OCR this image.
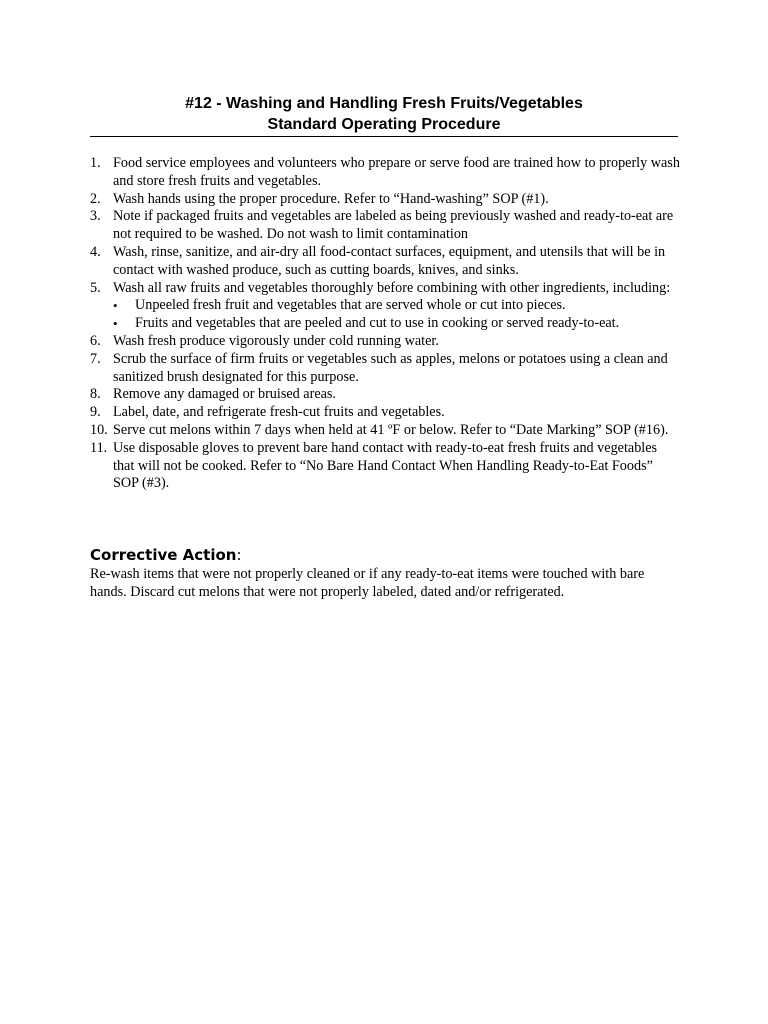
#12 - Washing and Handling Fresh Fruits/Vegetables
Standard Operating Procedure
1. Food service employees and volunteers who prepare or serve food are trained how to properly wash and store fresh fruits and vegetables.
2. Wash hands using the proper procedure. Refer to “Hand-washing” SOP (#1).
3. Note if packaged fruits and vegetables are labeled as being previously washed and ready-to-eat are not required to be washed. Do not wash to limit contamination
4. Wash, rinse, sanitize, and air-dry all food-contact surfaces, equipment, and utensils that will be in contact with washed produce, such as cutting boards, knives, and sinks.
5. Wash all raw fruits and vegetables thoroughly before combining with other ingredients, including:
• Unpeeled fresh fruit and vegetables that are served whole or cut into pieces.
• Fruits and vegetables that are peeled and cut to use in cooking or served ready-to-eat.
6. Wash fresh produce vigorously under cold running water.
7. Scrub the surface of firm fruits or vegetables such as apples, melons or potatoes using a clean and sanitized brush designated for this purpose.
8. Remove any damaged or bruised areas.
9. Label, date, and refrigerate fresh-cut fruits and vegetables.
10. Serve cut melons within 7 days when held at 41 ºF or below. Refer to “Date Marking” SOP (#16).
11. Use disposable gloves to prevent bare hand contact with ready-to-eat fresh fruits and vegetables that will not be cooked. Refer to “No Bare Hand Contact When Handling Ready-to-Eat Foods” SOP (#3).
Corrective Action:
Re-wash items that were not properly cleaned or if any ready-to-eat items were touched with bare hands. Discard cut melons that were not properly labeled, dated and/or refrigerated.
